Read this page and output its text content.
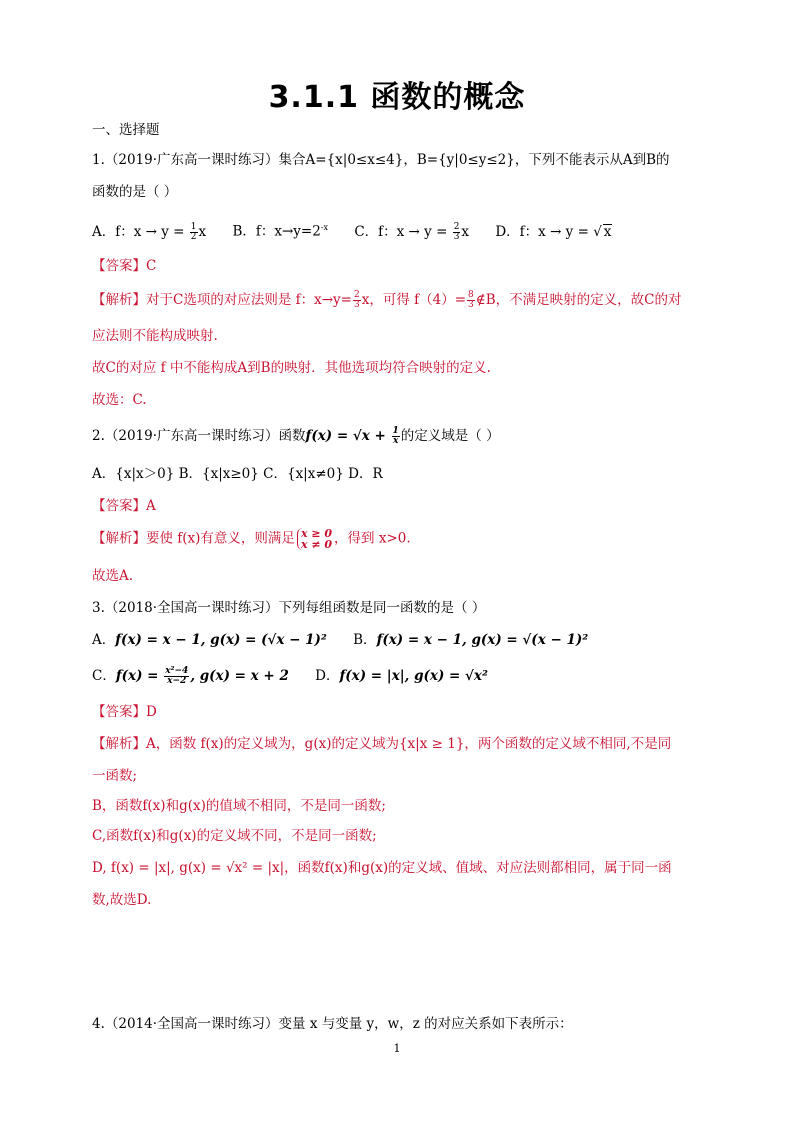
3.1.1 函数的概念
一、选择题
1.（2019·广东高一课时练习）集合A={x|0≤x≤4}，B={y|0≤y≤2}，下列不能表示从A到B的
函数的是（ ）
A．f：$x \to y = \frac{1}{2}$ x B．f：$x\to y=2^{-x}$ C．f：$x \to y = \frac{2}{3}$ x D．f：x → y = √ x
【答案】C
【解析】对于C选项的对应法则是 f：$x\to y= \frac{2}{3}$ x，可得 $f(4)= \frac{8}{3}$ ∉B，不满足映射的定义，故C的对
应法则不能构成映射.
故C的对应 f 中不能构成A到B的映射．其他选项均符合映射的定义.
故选：C.
2.（2019·广东高一课时练习）函数$f(x) = √x + \frac{1}{x}$ 的定义域是（ ）
A．{x|x＞0} B．{x|x≥0} C．{x|x≠0} D．R
【答案】A
【解析】要使 f(x)有意义，则满足 x ≥ 0
x ≠ 0 ，得到 x>0.
故选A.
3.（2018·全国高一课时练习）下列每组函数是同一函数的是（ ）
A．f(x) = x − 1, g(x) = (√x − 1)² B．f(x) = x − 1, g(x) = √(x − 1)²
C．$f(x) = \frac{\text{x²−4}}{x-2}$ , g(x) = x + 2 D．f(x) = |x|, g(x) = √x²
【答案】D
【解析】A，函数 f(x)的定义域为，g(x)的定义域为{x|x ≥ 1}，两个函数的定义域不相同,不是同
一函数;
B，函数f(x)和g(x)的值域不相同，不是同一函数;
C,函数f(x)和g(x)的定义域不同，不是同一函数;
D, f(x) = |x|, g(x) = √x² = |x|，函数f(x)和g(x)的定义域、值域、对应法则都相同，属于同一函
数,故选D.
4.（2014·全国高一课时练习）变量 x 与变量 y，w，z 的对应关系如下表所示：
1
